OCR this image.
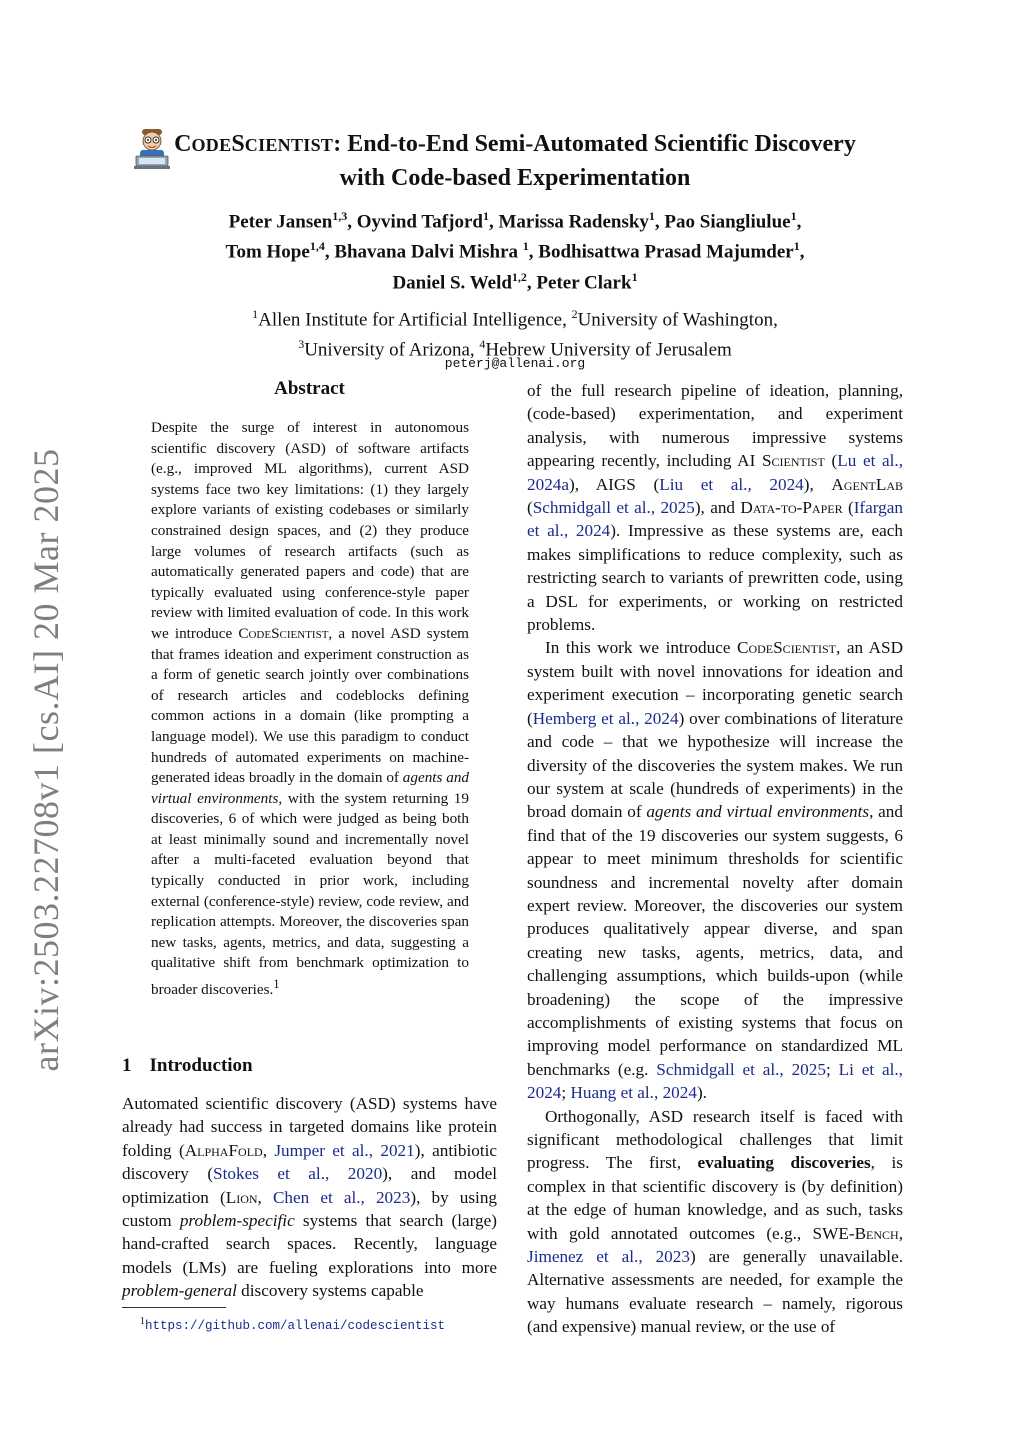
arXiv:2503.22708v1 [cs.AI] 20 Mar 2025
CODESCIENTIST: End-to-End Semi-Automated Scientific Discovery
with Code-based Experimentation
Peter Jansen$^{1,3}$, Oyvind Tafjord$^1$, Marissa Radensky$^1$, Pao Siangliulue$^1$,
Tom Hope$^{1,4}$, Bhavana Dalvi Mishra $^1$, Bodhisattwa Prasad Majumder$^1$,
Daniel S. Weld$^{1,2}$, Peter Clark$^1$
$^1$Allen Institute for Artificial Intelligence, $^2$University of Washington,
$^3$University of Arizona, $^4$Hebrew University of Jerusalem
peterj@allenai.org
Abstract
Despite the surge of interest in autonomous scientific discovery (ASD) of software artifacts (e.g., improved ML algorithms), current ASD systems face two key limitations: (1) they largely explore variants of existing codebases or similarly constrained design spaces, and (2) they produce large volumes of research artifacts (such as automatically generated papers and code) that are typically evaluated using conference-style paper review with limited evaluation of code. In this work we introduce CodeScientist, a novel ASD system that frames ideation and experiment construction as a form of genetic search jointly over combinations of research articles and codeblocks defining common actions in a domain (like prompting a language model). We use this paradigm to conduct hundreds of automated experiments on machine-generated ideas broadly in the domain of agents and virtual environments, with the system returning 19 discoveries, 6 of which were judged as being both at least minimally sound and incrementally novel after a multi-faceted evaluation beyond that typically conducted in prior work, including external (conference-style) review, code review, and replication attempts. Moreover, the discoveries span new tasks, agents, metrics, and data, suggesting a qualitative shift from benchmark optimization to broader discoveries.$^1$
1 Introduction
Automated scientific discovery (ASD) systems have already had success in targeted domains like protein folding (AlphaFold, Jumper et al., 2021), antibiotic discovery (Stokes et al., 2020), and model optimization (Lion, Chen et al., 2023), by using custom problem-specific systems that search (large) hand-crafted search spaces. Recently, language models (LMs) are fueling explorations into more problem-general discovery systems capable

of the full research pipeline of ideation, planning, (code-based) experimentation, and experiment analysis, with numerous impressive systems appearing recently, including AI Scientist (Lu et al., 2024a), AIGS (Liu et al., 2024), AgentLab (Schmidgall et al., 2025), and Data-to-Paper (Ifargan et al., 2024). Impressive as these systems are, each makes simplifications to reduce complexity, such as restricting search to variants of prewritten code, using a DSL for experiments, or working on restricted problems.

In this work we introduce CodeScientist, an ASD system built with novel innovations for ideation and experiment execution – incorporating genetic search (Hemberg et al., 2024) over combinations of literature and code – that we hypothesize will increase the diversity of the discoveries the system makes. We run our system at scale (hundreds of experiments) in the broad domain of agents and virtual environments, and find that of the 19 discoveries our system suggests, 6 appear to meet minimum thresholds for scientific soundness and incremental novelty after domain expert review. Moreover, the discoveries our system produces qualitatively appear diverse, and span creating new tasks, agents, metrics, data, and challenging assumptions, which builds-upon (while broadening) the scope of the impressive accomplishments of existing systems that focus on improving model performance on standardized ML benchmarks (e.g. Schmidgall et al., 2025; Li et al., 2024; Huang et al., 2024).

Orthogonally, ASD research itself is faced with significant methodological challenges that limit progress. The first, evaluating discoveries, is complex in that scientific discovery is (by definition) at the edge of human knowledge, and as such, tasks with gold annotated outcomes (e.g., SWE-Bench, Jimenez et al., 2023) are generally unavailable. Alternative assessments are needed, for example the way humans evaluate research – namely, rigorous (and expensive) manual review, or the use of

$^1$https://github.com/allenai/codescientist
